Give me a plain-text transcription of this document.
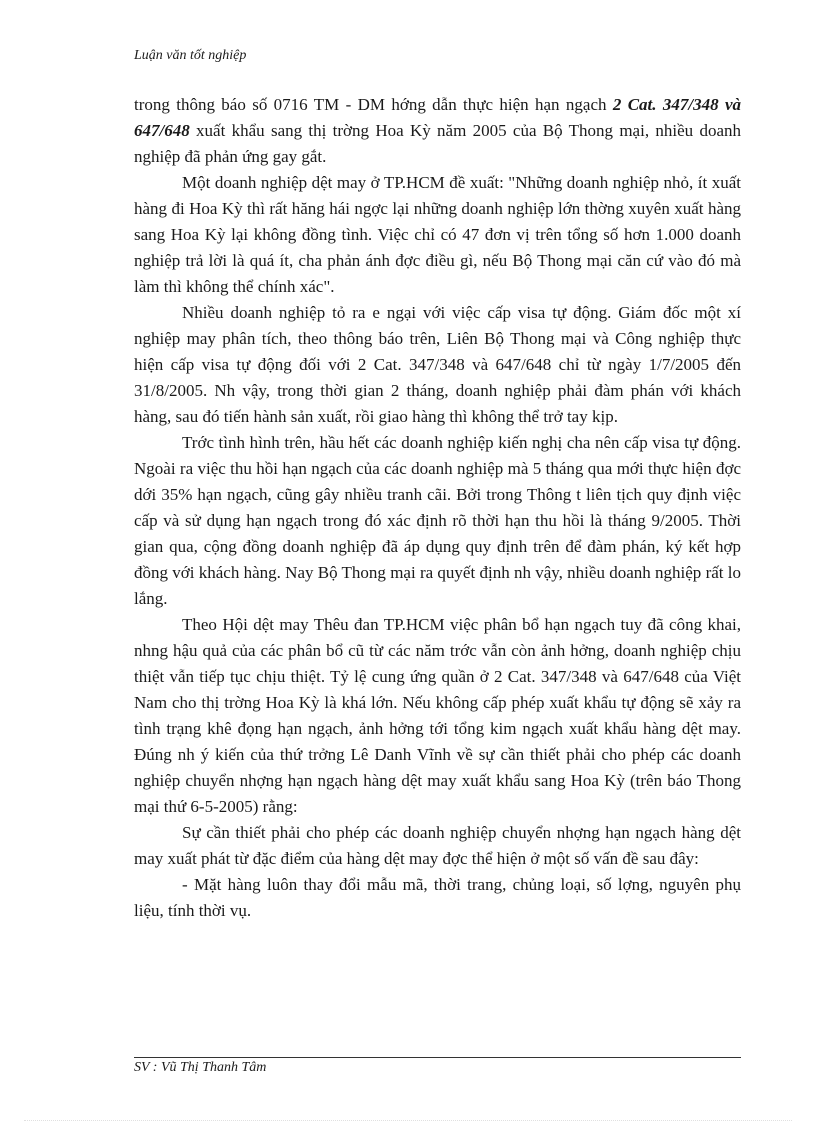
Luận văn tốt nghiệp

trong thông báo số 0716 TM - DM hớng dẫn thực hiện hạn ngạch 2 Cat. 347/348 và 647/648 xuất khẩu sang thị trờng Hoa Kỳ năm 2005 của Bộ Thong mại, nhiều doanh nghiệp đã phản ứng gay gắt.

Một doanh nghiệp dệt may ở TP.HCM đề xuất: "Những doanh nghiệp nhỏ, ít xuất hàng đi Hoa Kỳ thì rất hăng hái ngợc lại những doanh nghiệp lớn thờng xuyên xuất hàng sang Hoa Kỳ lại không đồng tình. Việc chỉ có 47 đơn vị trên tổng số hơn 1.000 doanh nghiệp trả lời là quá ít, cha phản ánh đợc điều gì, nếu Bộ Thong mại căn cứ vào đó mà làm thì không thể chính xác".

Nhiều doanh nghiệp tỏ ra e ngại với việc cấp visa tự động. Giám đốc một xí nghiệp may phân tích, theo thông báo trên, Liên Bộ Thong mại và Công nghiệp thực hiện cấp visa tự động đối với 2 Cat. 347/348 và 647/648 chỉ từ ngày 1/7/2005 đến 31/8/2005. Nh vậy, trong thời gian 2 tháng, doanh nghiệp phải đàm phán với khách hàng, sau đó tiến hành sản xuất, rồi giao hàng thì không thể trở tay kịp.

Trớc tình hình trên, hầu hết các doanh nghiệp kiến nghị cha nên cấp visa tự động. Ngoài ra việc thu hồi hạn ngạch của các doanh nghiệp mà 5 tháng qua mới thực hiện đợc dới 35% hạn ngạch, cũng gây nhiều tranh cãi. Bởi trong Thông t liên tịch quy định việc cấp và sử dụng hạn ngạch trong đó xác định rõ thời hạn thu hồi là tháng 9/2005. Thời gian qua, cộng đồng doanh nghiệp đã áp dụng quy định trên để đàm phán, ký kết hợp đồng với khách hàng. Nay Bộ Thong mại ra quyết định nh vậy, nhiều doanh nghiệp rất lo lắng.

Theo Hội dệt may Thêu đan TP.HCM việc phân bổ hạn ngạch tuy đã công khai, nhng hậu quả của các phân bổ cũ từ các năm trớc vẫn còn ảnh hởng, doanh nghiệp chịu thiệt vẫn tiếp tục chịu thiệt. Tỷ lệ cung ứng quần ở 2 Cat. 347/348 và 647/648 của Việt Nam cho thị trờng Hoa Kỳ là khá lớn. Nếu không cấp phép xuất khẩu tự động sẽ xảy ra tình trạng khê đọng hạn ngạch, ảnh hởng tới tổng kim ngạch xuất khẩu hàng dệt may. Đúng nh ý kiến của thứ trởng Lê Danh Vĩnh về sự cần thiết phải cho phép các doanh nghiệp chuyển nhợng hạn ngạch hàng dệt may xuất khẩu sang Hoa Kỳ (trên báo Thong mại thứ 6-5-2005) rằng:

Sự cần thiết phải cho phép các doanh nghiệp chuyển nhợng hạn ngạch hàng dệt may xuất phát từ đặc điểm của hàng dệt may đợc thể hiện ở một số vấn đề sau đây:

- Mặt hàng luôn thay đổi mẫu mã, thời trang, chủng loại, số lợng, nguyên phụ liệu, tính thời vụ.

SV : Vũ Thị Thanh Tâm
